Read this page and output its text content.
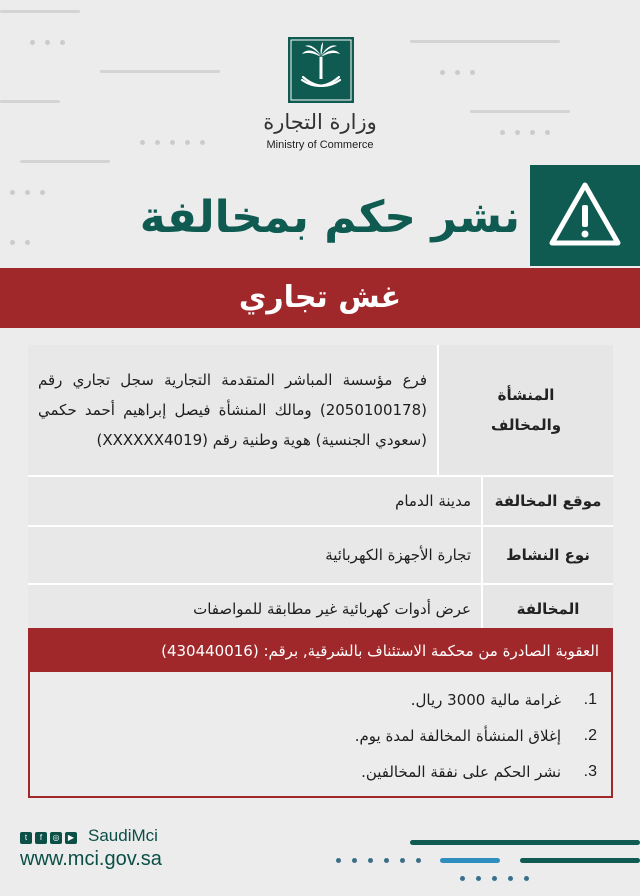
وزارة التجارة
Ministry of Commerce
نشر حكم بمخالفة
غش تجاري
المنشأة والمخالف
فرع مؤسسة المباشر المتقدمة التجارية سجل تجاري رقم (2050100178) ومالك المنشأة فيصل إبراهيم أحمد حكمي (سعودي الجنسية) هوية وطنية رقم (XXXXXX4019)
موقع المخالفة
مدينة الدمام
نوع النشاط
تجارة الأجهزة الكهربائية
المخالفة
عرض أدوات كهربائية غير مطابقة للمواصفات
العقوبة الصادرة من محكمة الاستئناف بالشرقية, برقم: (430440016)
1.
غرامة مالية 3000 ريال.
2.
إغلاق المنشأة المخالفة لمدة يوم.
3.
نشر الحكم على نفقة المخالفين.
t	f	◎	▶ SaudiMci
www.mci.gov.sa
